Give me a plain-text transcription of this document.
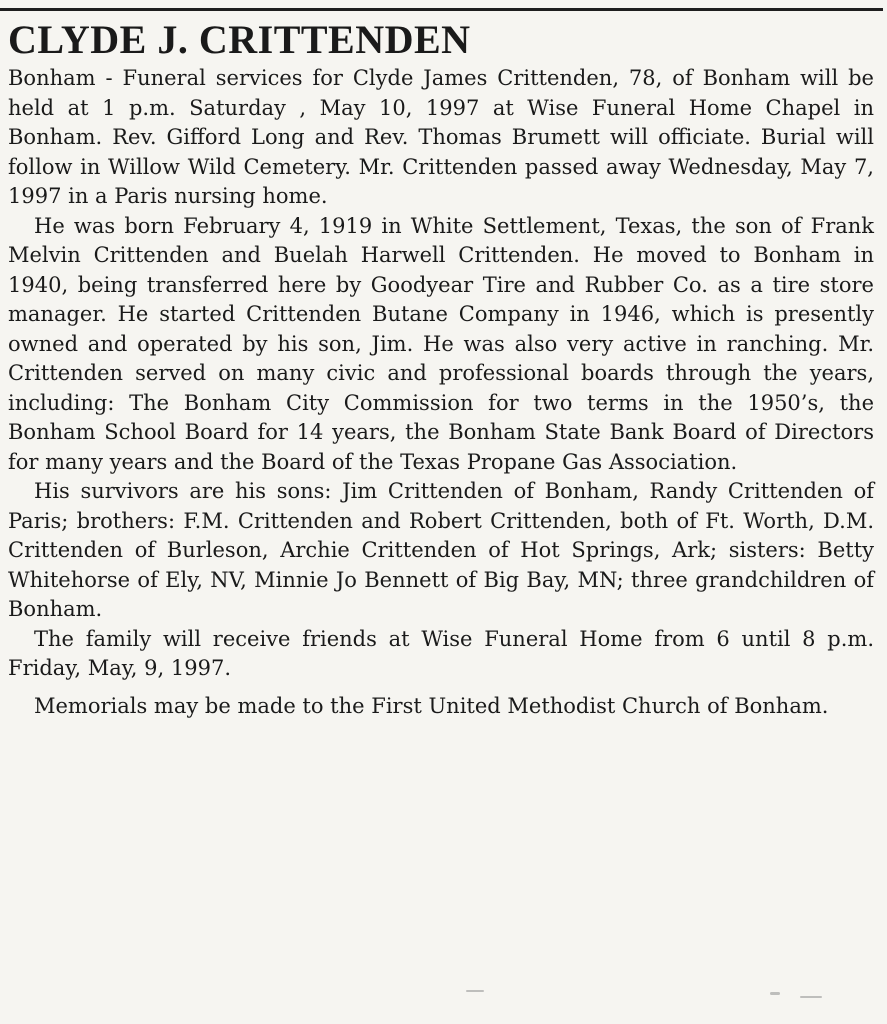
CLYDE J. CRITTENDEN

Bonham - Funeral services for Clyde James Crittenden, 78, of Bonham will be held at 1 p.m. Saturday , May 10, 1997 at Wise Funeral Home Chapel in Bonham. Rev. Gifford Long and Rev. Thomas Brumett will officiate. Burial will follow in Willow Wild Cemetery. Mr. Crittenden passed away Wednesday, May 7, 1997 in a Paris nursing home.

He was born February 4, 1919 in White Settlement, Texas, the son of Frank Melvin Crittenden and Buelah Harwell Crittenden. He moved to Bonham in 1940, being transferred here by Goodyear Tire and Rubber Co. as a tire store manager. He started Crittenden Butane Company in 1946, which is presently owned and operated by his son, Jim. He was also very active in ranching. Mr. Crittenden served on many civic and professional boards through the years, including: The Bonham City Commission for two terms in the 1950’s, the Bonham School Board for 14 years, the Bonham State Bank Board of Directors for many years and the Board of the Texas Propane Gas Association.

His survivors are his sons: Jim Crittenden of Bonham, Randy Crittenden of Paris; brothers: F.M. Crittenden and Robert Crittenden, both of Ft. Worth, D.M. Crittenden of Burleson, Archie Crittenden of Hot Springs, Ark; sisters: Betty Whitehorse of Ely, NV, Minnie Jo Bennett of Big Bay, MN; three grandchildren of Bonham.

The family will receive friends at Wise Funeral Home from 6 until 8 p.m. Friday, May, 9, 1997.

Memorials may be made to the First United Methodist Church of Bonham.
